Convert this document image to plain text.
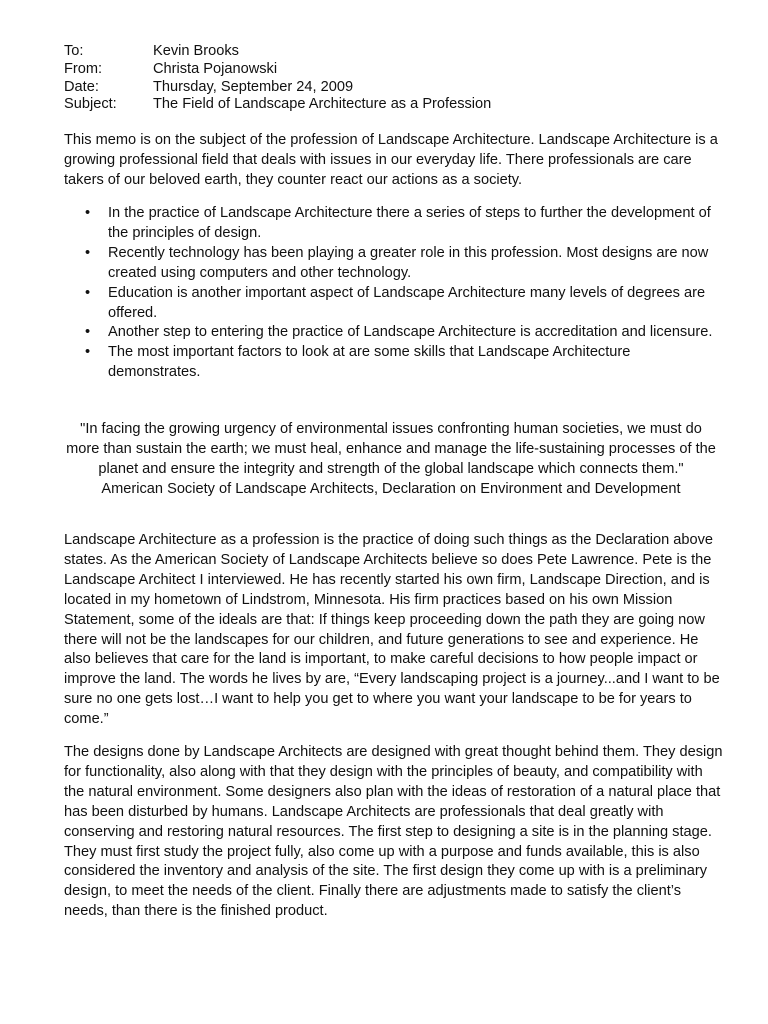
To:	Kevin Brooks
From:	Christa Pojanowski
Date:	Thursday, September 24, 2009
Subject:	The Field of Landscape Architecture as a Profession

This memo is on the subject of the profession of Landscape Architecture. Landscape Architecture is a growing professional field that deals with issues in our everyday life. There professionals are care takers of our beloved earth, they counter react our actions as a society.

• In the practice of Landscape Architecture there a series of steps to further the development of the principles of design.
• Recently technology has been playing a greater role in this profession. Most designs are now created using computers and other technology.
• Education is another important aspect of Landscape Architecture many levels of degrees are offered.
• Another step to entering the practice of Landscape Architecture is accreditation and licensure.
• The most important factors to look at are some skills that Landscape Architecture demonstrates.
"In facing the growing urgency of environmental issues confronting human societies, we must do more than sustain the earth; we must heal, enhance and manage the life-sustaining processes of the planet and ensure the integrity and strength of the global landscape which connects them."
American Society of Landscape Architects, Declaration on Environment and Development

Landscape Architecture as a profession is the practice of doing such things as the Declaration above states. As the American Society of Landscape Architects believe so does Pete Lawrence. Pete is the Landscape Architect I interviewed. He has recently started his own firm, Landscape Direction, and is located in my hometown of Lindstrom, Minnesota. His firm practices based on his own Mission Statement, some of the ideals are that: If things keep proceeding down the path they are going now there will not be the landscapes for our children, and future generations to see and experience. He also believes that care for the land is important, to make careful decisions to how people impact or improve the land. The words he lives by are, “Every landscaping project is a journey...and I want to be sure no one gets lost…I want to help you get to where you want your landscape to be for years to come.”

The designs done by Landscape Architects are designed with great thought behind them. They design for functionality, also along with that they design with the principles of beauty, and compatibility with the natural environment. Some designers also plan with the ideas of restoration of a natural place that has been disturbed by humans. Landscape Architects are professionals that deal greatly with conserving and restoring natural resources. The first step to designing a site is in the planning stage. They must first study the project fully, also come up with a purpose and funds available, this is also considered the inventory and analysis of the site. The first design they come up with is a preliminary design, to meet the needs of the client. Finally there are adjustments made to satisfy the client’s needs, than there is the finished product.
